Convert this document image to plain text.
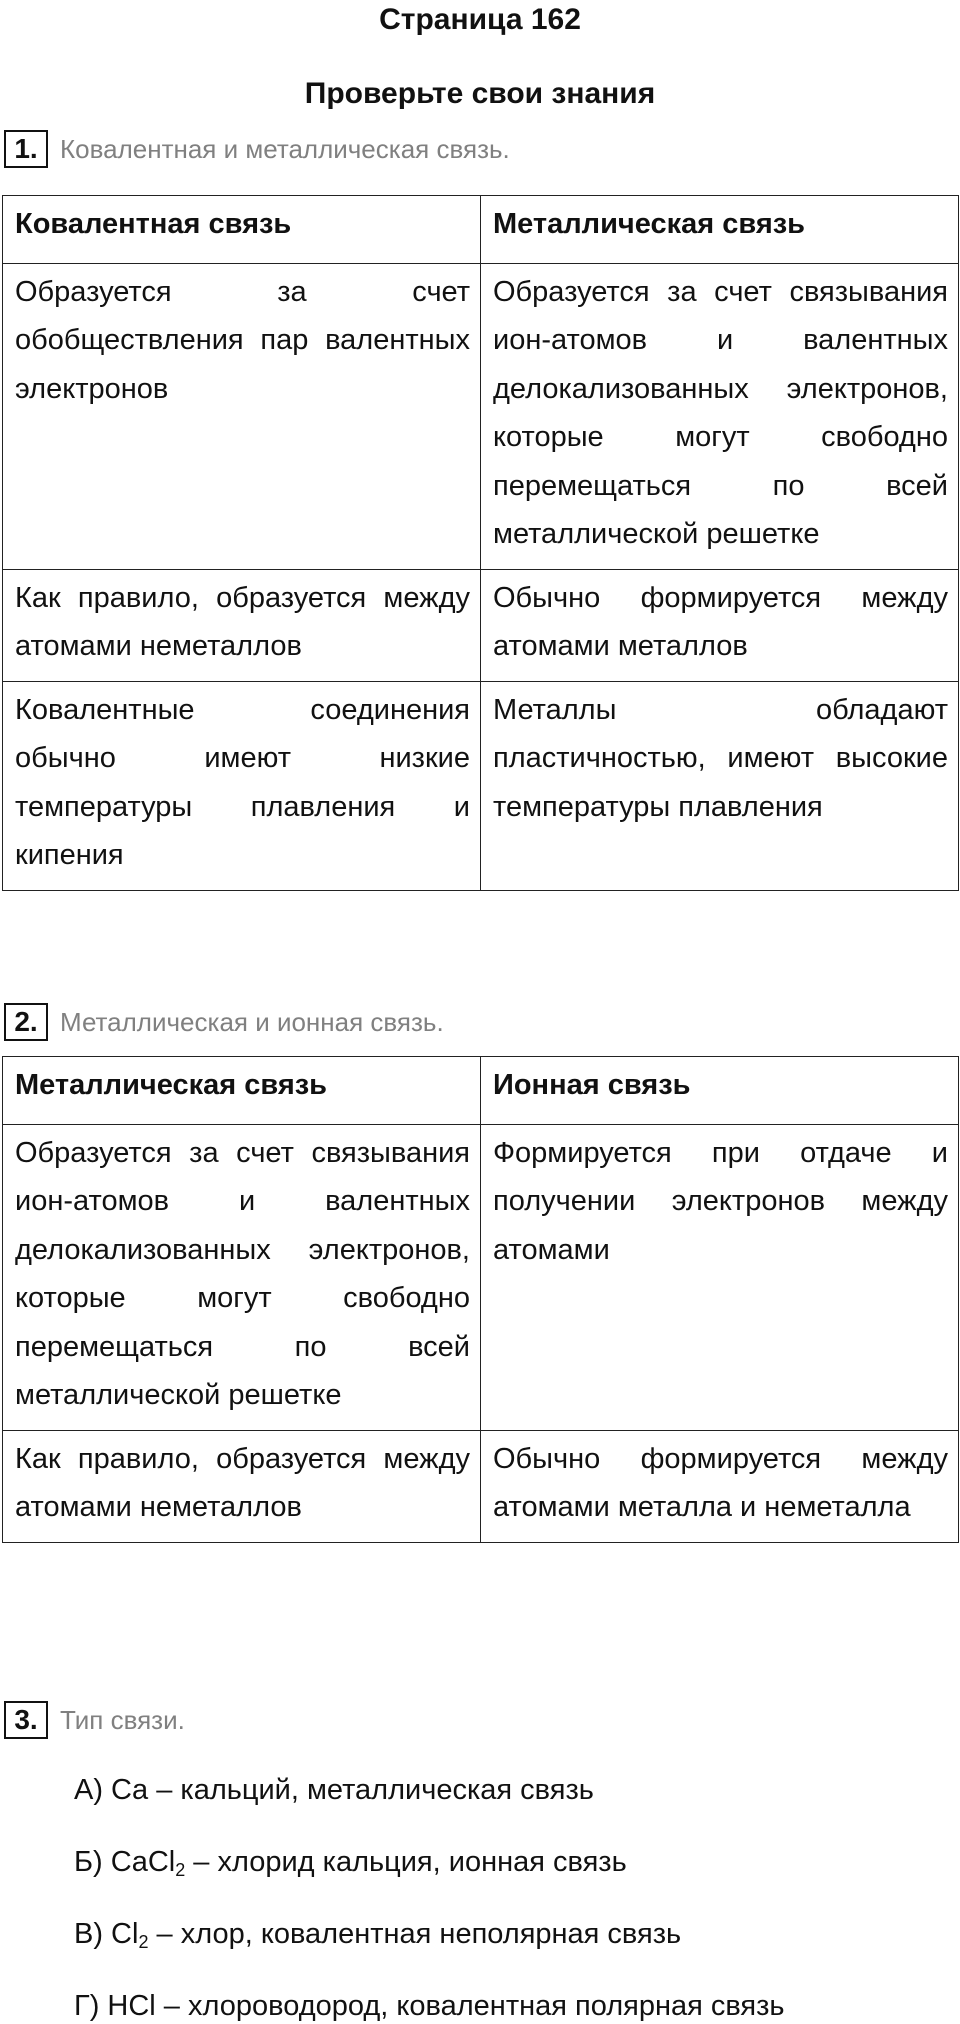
Страница 162
Проверьте свои знания
1. Ковалентная и металлическая связь.
Ковалентная связь	Металлическая связь
Образуется за счет обобществления пар валентных электронов	Образуется за счет связывания ион-атомов и валентных делокализованных электронов, которые могут свободно перемещаться по всей металлической решетке
Как правило, образуется между атомами неметаллов	Обычно формируется между атомами металлов
Ковалентные соединения обычно имеют низкие температуры плавления и кипения	Металлы обладают пластичностью, имеют высокие температуры плавления
2. Металлическая и ионная связь.
Металлическая связь	Ионная связь
Образуется за счет связывания ион-атомов и валентных делокализованных электронов, которые могут свободно перемещаться по всей металлической решетке	Формируется при отдаче и получении электронов между атомами
Как правило, образуется между атомами неметаллов	Обычно формируется между атомами металла и неметалла
3. Тип связи.
А) Ca – кальций, металлическая связь
Б) CaCl$_2$ – хлорид кальция, ионная связь
В) $Cl_2$ – хлор, ковалентная неполярная связь
Г) HCl – хлороводород, ковалентная полярная связь
